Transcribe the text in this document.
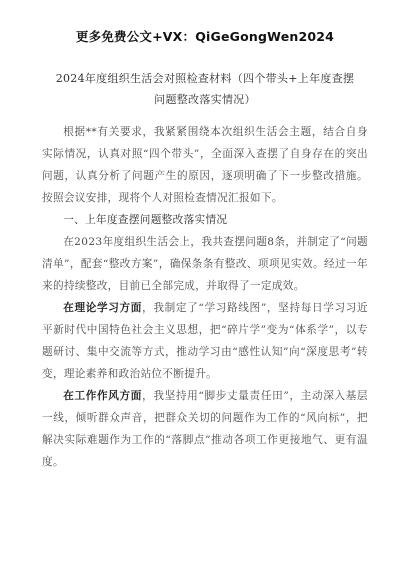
更多免费公文+VX：QiGeGongWen2024
2024年度组织生活会对照检查材料（四个带头+上年度查摆
问题整改落实情况）

根据**有关要求，我紧紧围绕本次组织生活会主题，结合自身实际情况，认真对照“四个带头”，全面深入查摆了自身存在的突出问题，认真分析了问题产生的原因，逐项明确了下一步整改措施。按照会议安排，现将个人对照检查情况汇报如下。

一、上年度查摆问题整改落实情况

在2023年度组织生活会上，我共查摆问题8条，并制定了“问题清单”，配套“整改方案”，确保条条有整改、项项见实效。经过一年来的持续整改，目前已全部完成，并取得了一定成效。

在理论学习方面，我制定了“学习路线图”，坚持每日学习习近平新时代中国特色社会主义思想，把“碎片学”变为“体系学”，以专题研讨、集中交流等方式，推动学习由“感性认知”向“深度思考”转变，理论素养和政治站位不断提升。

在工作作风方面，我坚持用“脚步丈量责任田”，主动深入基层一线，倾听群众声音，把群众关切的问题作为工作的“风向标”，把解决实际难题作为工作的“落脚点”推动各项工作更接地气、更有温度。
